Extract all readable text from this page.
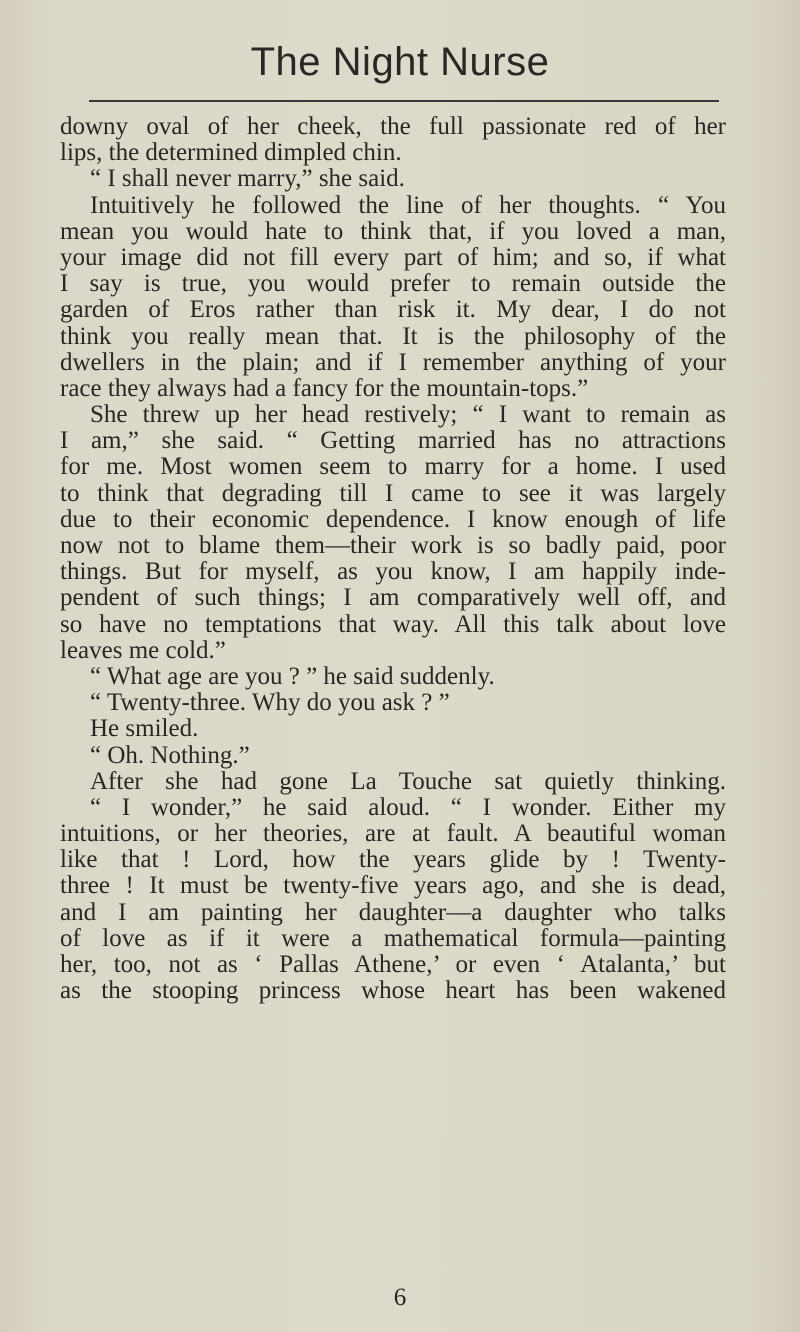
The Night Nurse
downy oval of her cheek, the full passionate red of her
lips, the determined dimpled chin.
“ I shall never marry,” she said.
Intuitively he followed the line of her thoughts. “ You
mean you would hate to think that, if you loved a man,
your image did not fill every part of him; and so, if what
I say is true, you would prefer to remain outside the
garden of Eros rather than risk it. My dear, I do not
think you really mean that. It is the philosophy of the
dwellers in the plain; and if I remember anything of your
race they always had a fancy for the mountain-tops.”
She threw up her head restively; “ I want to remain as
I am,” she said. “ Getting married has no attractions
for me. Most women seem to marry for a home. I used
to think that degrading till I came to see it was largely
due to their economic dependence. I know enough of life
now not to blame them—their work is so badly paid, poor
things. But for myself, as you know, I am happily inde-
pendent of such things; I am comparatively well off, and
so have no temptations that way. All this talk about love
leaves me cold.”
“ What age are you ? ” he said suddenly.
“ Twenty-three. Why do you ask ? ”
He smiled.
“ Oh. Nothing.”
After she had gone La Touche sat quietly thinking.
“ I wonder,” he said aloud. “ I wonder. Either my
intuitions, or her theories, are at fault. A beautiful woman
like that ! Lord, how the years glide by ! Twenty-
three ! It must be twenty-five years ago, and she is dead,
and I am painting her daughter—a daughter who talks
of love as if it were a mathematical formula—painting
her, too, not as ‘ Pallas Athene,’ or even ‘ Atalanta,’ but
as the stooping princess whose heart has been wakened
6
